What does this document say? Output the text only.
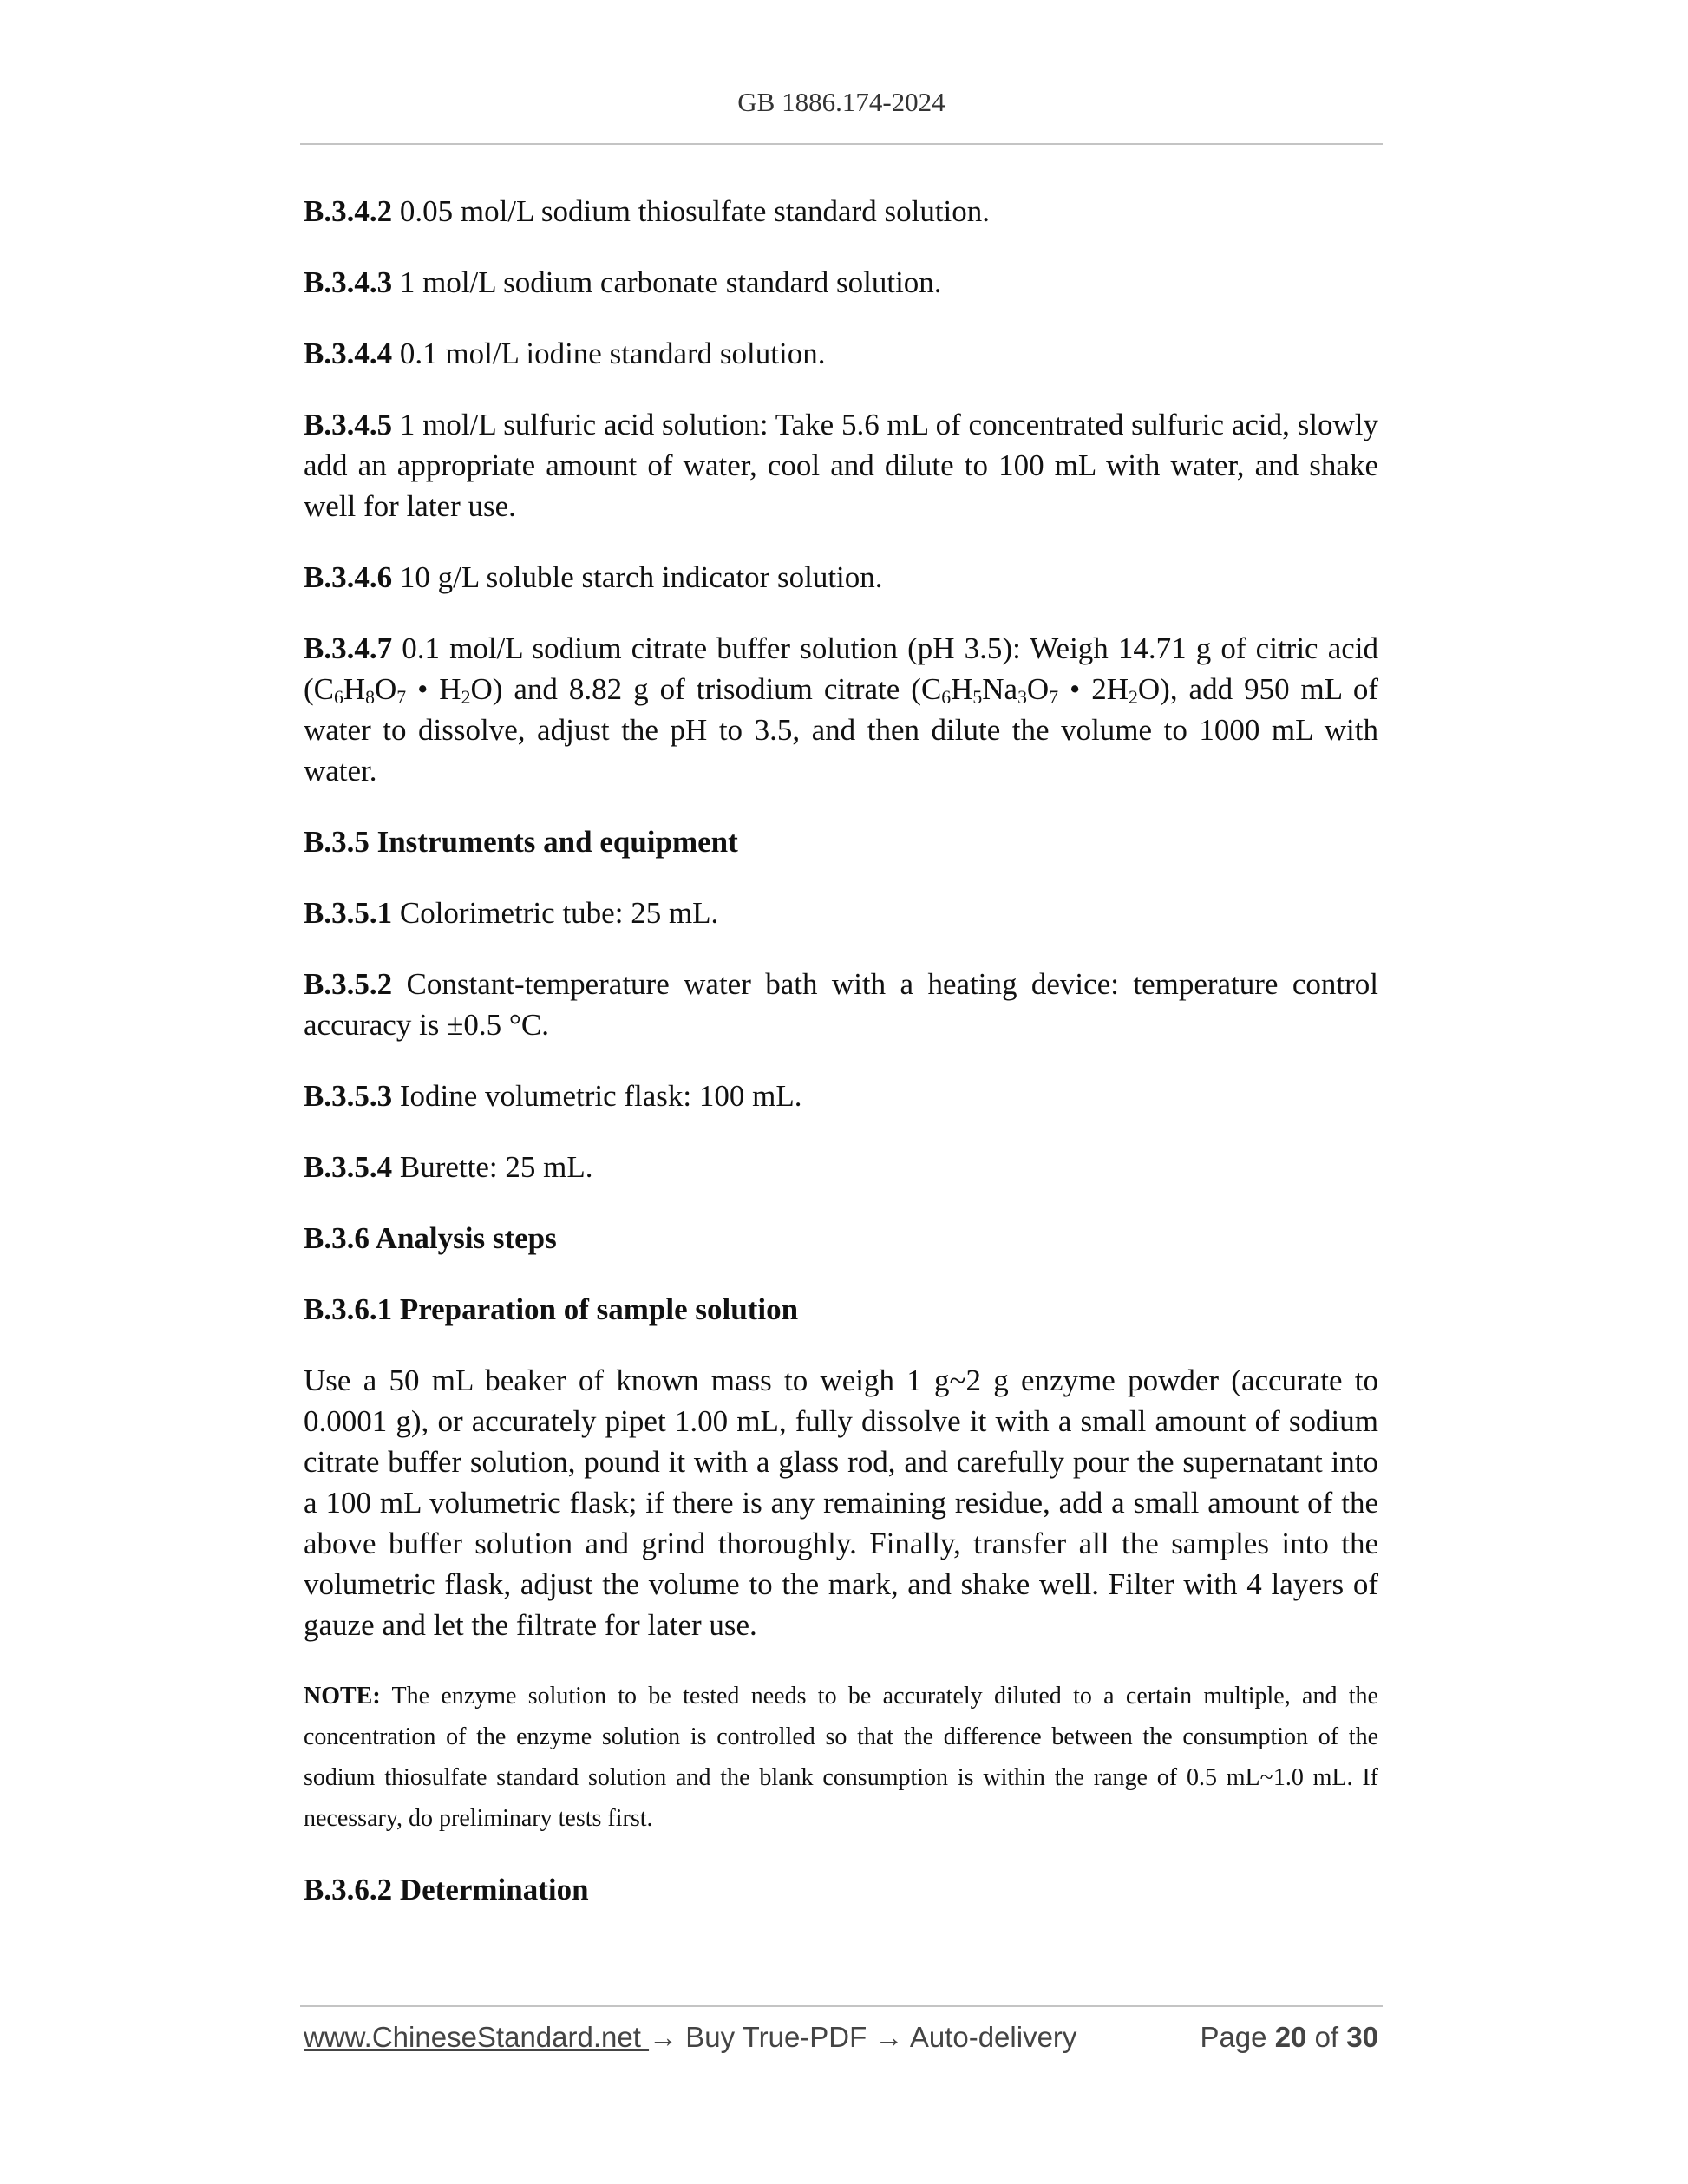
GB 1886.174-2024

B.3.4.2 0.05 mol/L sodium thiosulfate standard solution.

B.3.4.3 1 mol/L sodium carbonate standard solution.

B.3.4.4 0.1 mol/L iodine standard solution.

B.3.4.5 1 mol/L sulfuric acid solution: Take 5.6 mL of concentrated sulfuric acid, slowly add an appropriate amount of water, cool and dilute to 100 mL with water, and shake well for later use.

B.3.4.6 10 g/L soluble starch indicator solution.

B.3.4.7 0.1 mol/L sodium citrate buffer solution (pH 3.5): Weigh 14.71 g of citric acid ($C_6H_8O_7$ • $H_2O$) and 8.82 g of trisodium citrate ($C_6H_5Na_3O_7$ • $2H_2O$), add 950 mL of water to dissolve, adjust the pH to 3.5, and then dilute the volume to 1000 mL with water.

B.3.5 Instruments and equipment

B.3.5.1 Colorimetric tube: 25 mL.

B.3.5.2 Constant-temperature water bath with a heating device: temperature control accuracy is ±0.5 °C.

B.3.5.3 Iodine volumetric flask: 100 mL.

B.3.5.4 Burette: 25 mL.

B.3.6 Analysis steps
B.3.6.1 Preparation of sample solution

Use a 50 mL beaker of known mass to weigh 1 g~2 g enzyme powder (accurate to 0.0001 g), or accurately pipet 1.00 mL, fully dissolve it with a small amount of sodium citrate buffer solution, pound it with a glass rod, and carefully pour the supernatant into a 100 mL volumetric flask; if there is any remaining residue, add a small amount of the above buffer solution and grind thoroughly. Finally, transfer all the samples into the volumetric flask, adjust the volume to the mark, and shake well. Filter with 4 layers of gauze and let the filtrate for later use.

NOTE: The enzyme solution to be tested needs to be accurately diluted to a certain multiple, and the concentration of the enzyme solution is controlled so that the difference between the consumption of the sodium thiosulfate standard solution and the blank consumption is within the range of 0.5 mL~1.0 mL. If necessary, do preliminary tests first.

B.3.6.2 Determination
www.ChineseStandard.net → Buy True-PDF → Auto-delivery	Page 20 of 30
